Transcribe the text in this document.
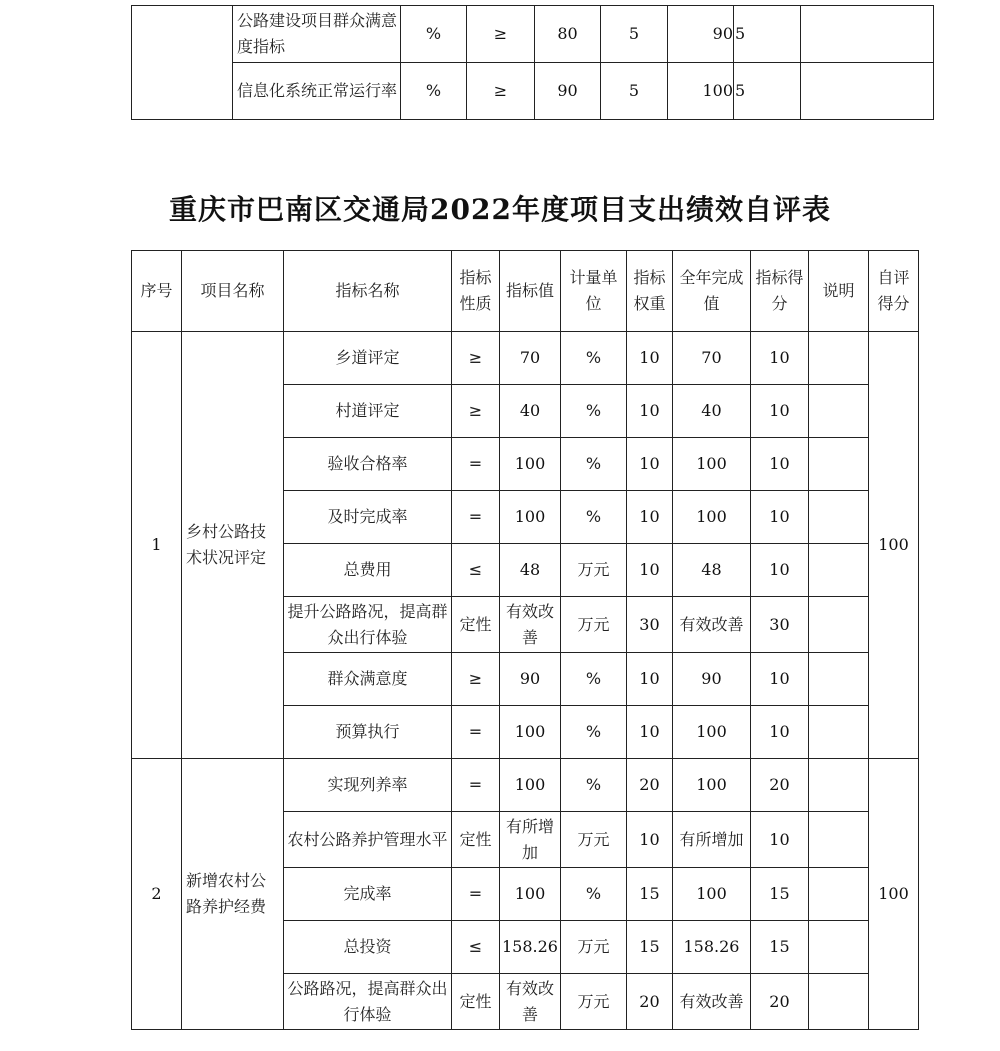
	公路建设项目群众满意度指标	%	≥	80	5	90	5	
	信息化系统正常运行率	%	≥	90	5	100	5	
重庆市巴南区交通局2022年度项目支出绩效自评表
序号	项目名称	指标名称	指标性质	指标值	计量单位	指标权重	全年完成值	指标得分	说明	自评得分
1	乡村公路技术状况评定	乡道评定	≥	70	%	10	70	10		100
		村道评定	≥	40	%	10	40	10		
		验收合格率	=	100	%	10	100	10		
		及时完成率	=	100	%	10	100	10		
		总费用	≤	48	万元	10	48	10		
		提升公路路况，提高群众出行体验	定性	有效改善	万元	30	有效改善	30		
		群众满意度	≥	90	%	10	90	10		
		预算执行	=	100	%	10	100	10		
2	新增农村公路养护经费	实现列养率	=	100	%	20	100	20		100
		农村公路养护管理水平	定性	有所增加	万元	10	有所增加	10		
		完成率	=	100	%	15	100	15		
		总投资	≤	158.26	万元	15	158.26	15		
		公路路况，提高群众出行体验	定性	有效改善	万元	20	有效改善	20		
